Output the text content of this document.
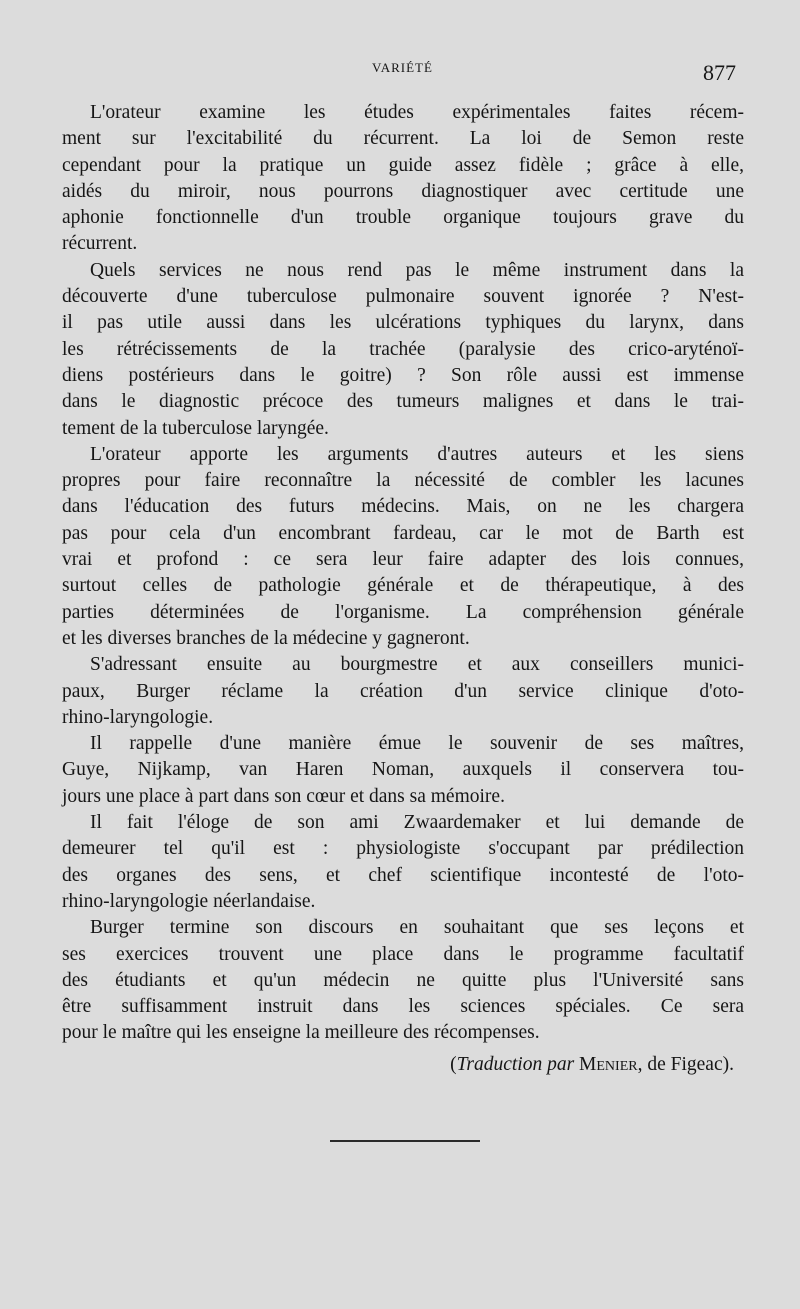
VARIÉTÉ	877
L'orateur examine les études expérimentales faites récem-
ment sur l'excitabilité du récurrent. La loi de Semon reste
cependant pour la pratique un guide assez fidèle ; grâce à elle,
aidés du miroir, nous pourrons diagnostiquer avec certitude une
aphonie fonctionnelle d'un trouble organique toujours grave du
récurrent.
Quels services ne nous rend pas le même instrument dans la
découverte d'une tuberculose pulmonaire souvent ignorée ? N'est-
il pas utile aussi dans les ulcérations typhiques du larynx, dans
les rétrécissements de la trachée (paralysie des crico-aryténoï-
diens postérieurs dans le goitre) ? Son rôle aussi est immense
dans le diagnostic précoce des tumeurs malignes et dans le trai-
tement de la tuberculose laryngée.
L'orateur apporte les arguments d'autres auteurs et les siens
propres pour faire reconnaître la nécessité de combler les lacunes
dans l'éducation des futurs médecins. Mais, on ne les chargera
pas pour cela d'un encombrant fardeau, car le mot de Barth est
vrai et profond : ce sera leur faire adapter des lois connues,
surtout celles de pathologie générale et de thérapeutique, à des
parties déterminées de l'organisme. La compréhension générale
et les diverses branches de la médecine y gagneront.
S'adressant ensuite au bourgmestre et aux conseillers munici-
paux, Burger réclame la création d'un service clinique d'oto-
rhino-laryngologie.
Il rappelle d'une manière émue le souvenir de ses maîtres,
Guye, Nijkamp, van Haren Noman, auxquels il conservera tou-
jours une place à part dans son cœur et dans sa mémoire.
Il fait l'éloge de son ami Zwaardemaker et lui demande de
demeurer tel qu'il est : physiologiste s'occupant par prédilection
des organes des sens, et chef scientifique incontesté de l'oto-
rhino-laryngologie néerlandaise.
Burger termine son discours en souhaitant que ses leçons et
ses exercices trouvent une place dans le programme facultatif
des étudiants et qu'un médecin ne quitte plus l'Université sans
être suffisamment instruit dans les sciences spéciales. Ce sera
pour le maître qui les enseigne la meilleure des récompenses.
(Traduction par Menier, de Figeac).
